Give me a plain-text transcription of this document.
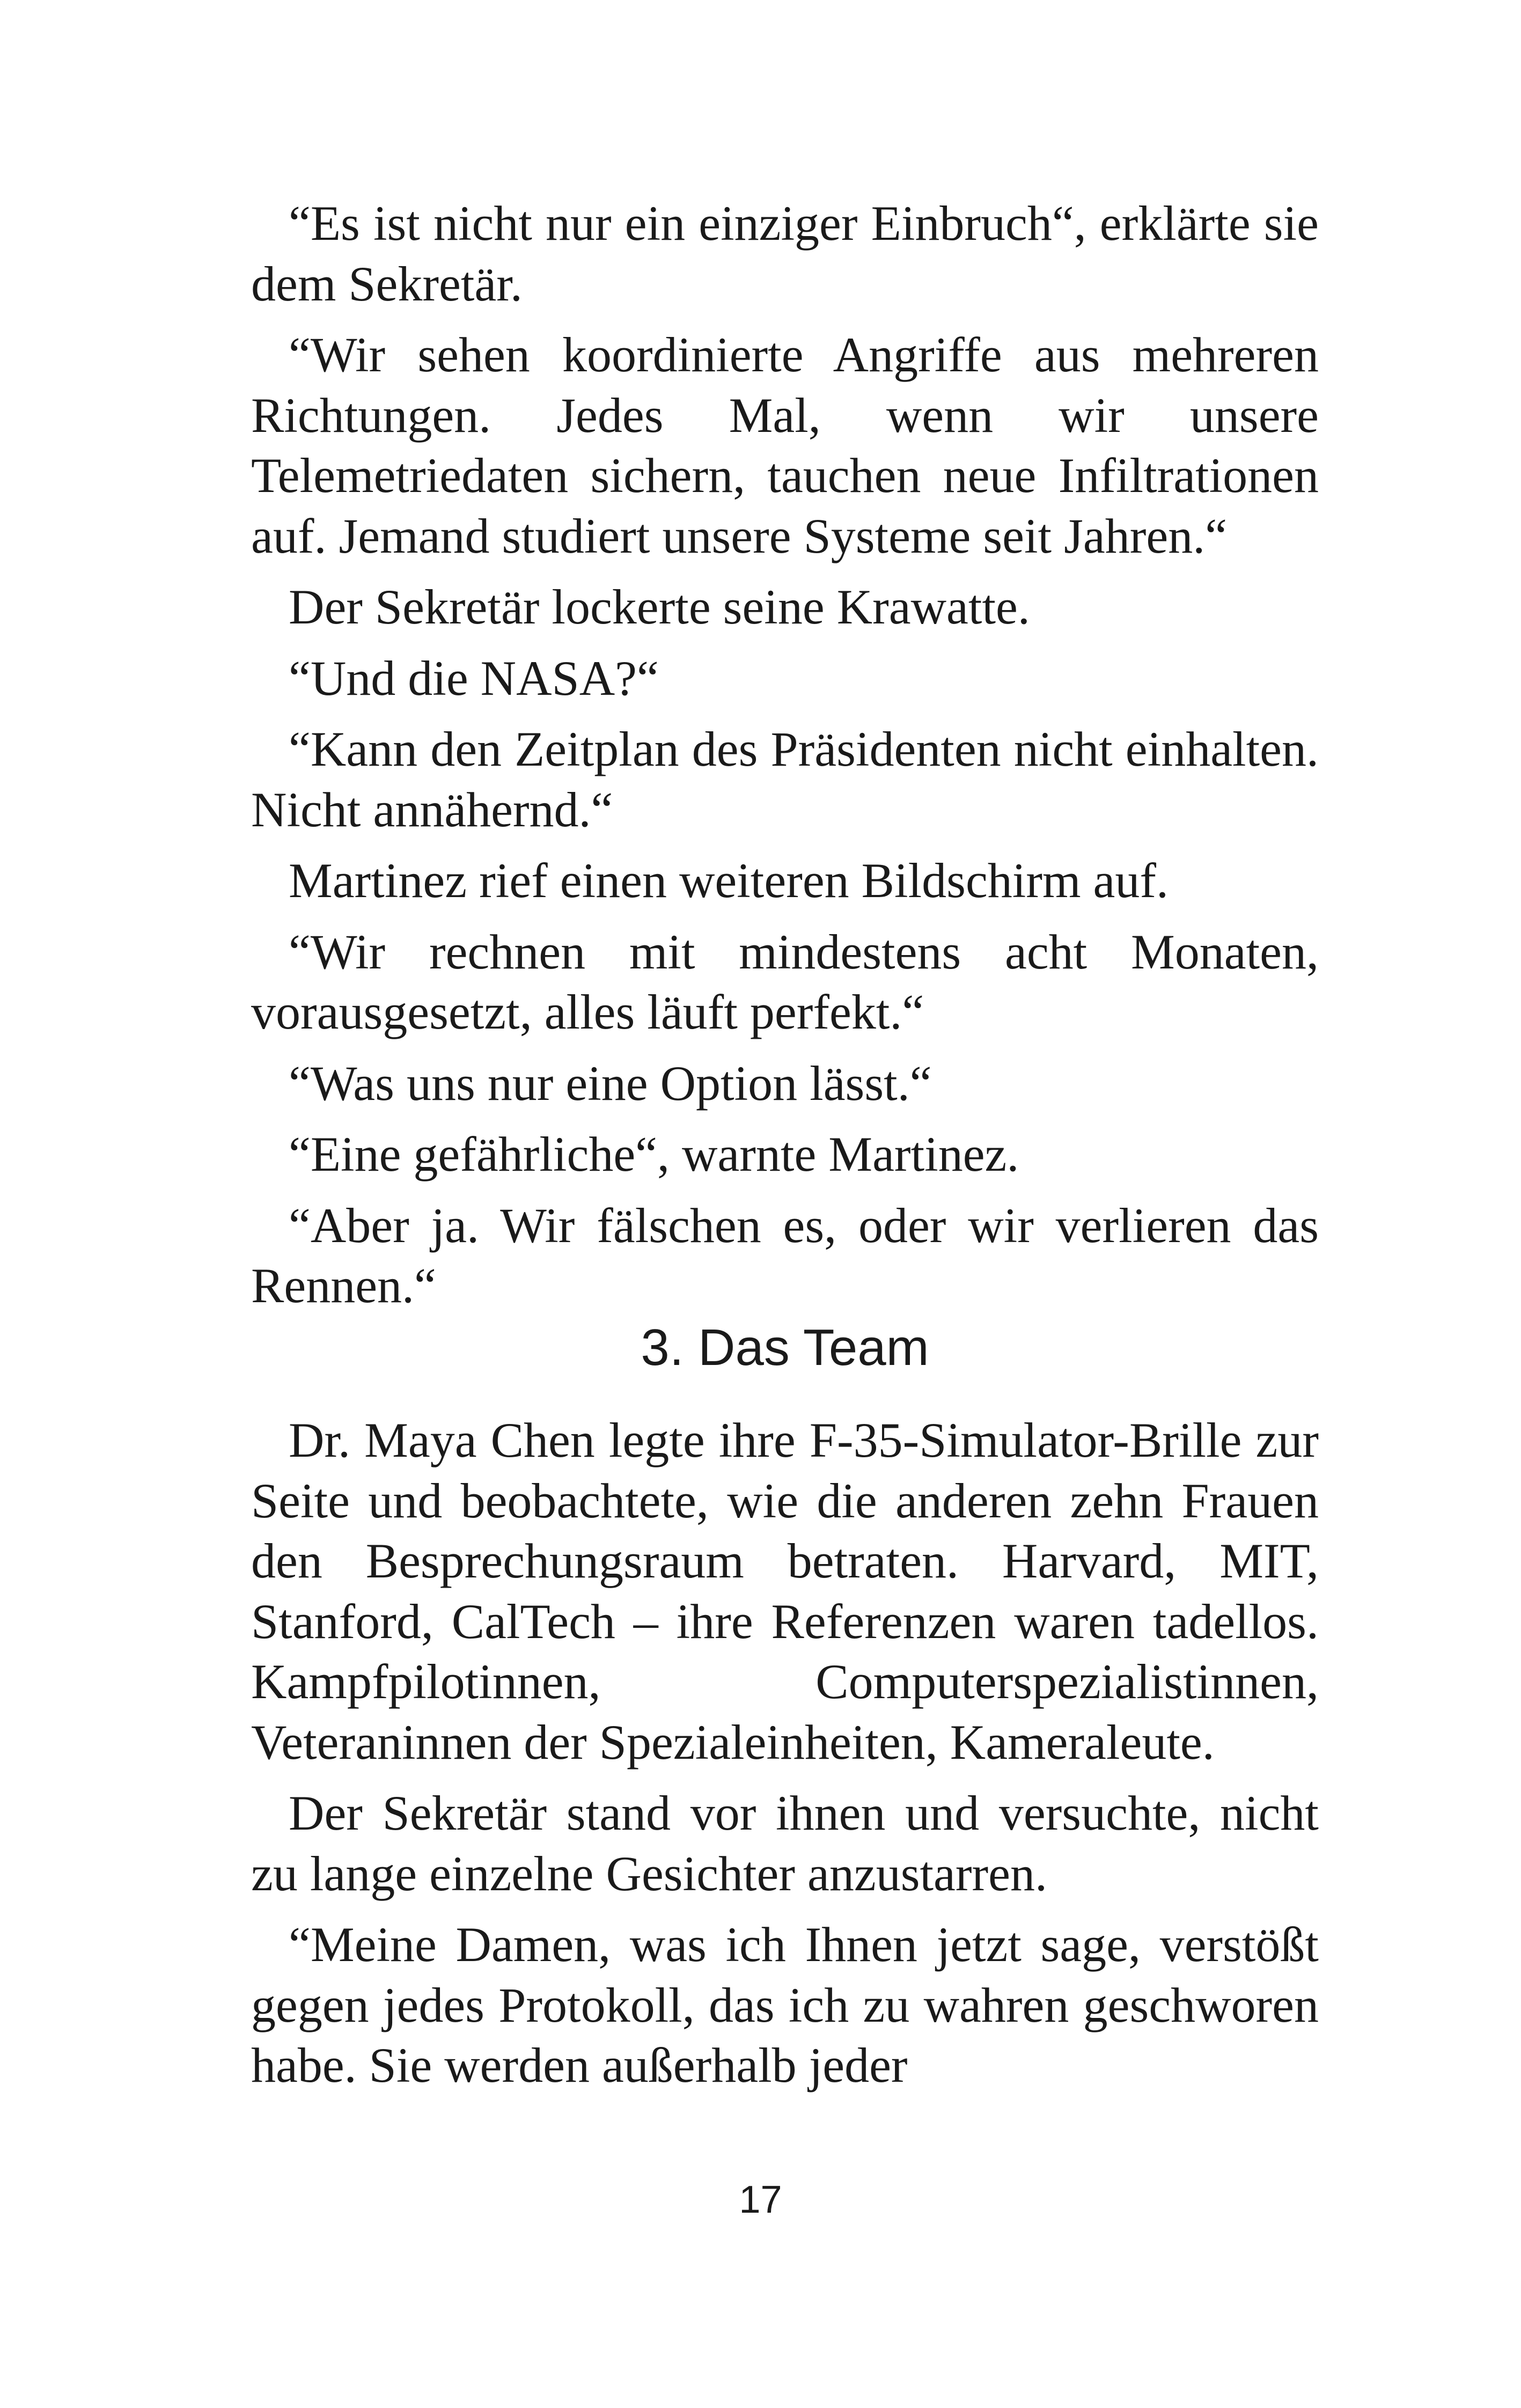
“Es ist nicht nur ein einziger Einbruch“, erklärte sie dem Sekretär.

“Wir sehen koordinierte Angriffe aus mehreren Richtungen. Jedes Mal, wenn wir unsere Telemetriedaten sichern, tauchen neue Infiltrationen auf. Jemand studiert unsere Systeme seit Jahren.“

Der Sekretär lockerte seine Krawatte.

“Und die NASA?“

“Kann den Zeitplan des Präsidenten nicht einhalten. Nicht annähernd.“

Martinez rief einen weiteren Bildschirm auf.

“Wir rechnen mit mindestens acht Monaten, vorausgesetzt, alles läuft perfekt.“

“Was uns nur eine Option lässt.“

“Eine gefährliche“, warnte Martinez.

“Aber ja. Wir fälschen es, oder wir verlieren das Rennen.“

3. Das Team

Dr. Maya Chen legte ihre F-35-Simulator-Brille zur Seite und beobachtete, wie die anderen zehn Frauen den Besprechungsraum betraten. Harvard, MIT, Stanford, CalTech – ihre Referenzen waren tadellos. Kampfpilotinnen, Computerspezialistinnen, Veteraninnen der Spezialeinheiten, Kameraleute.

Der Sekretär stand vor ihnen und versuchte, nicht zu lange einzelne Gesichter anzustarren.

“Meine Damen, was ich Ihnen jetzt sage, verstößt gegen jedes Protokoll, das ich zu wahren geschworen habe. Sie werden außerhalb jeder

17
